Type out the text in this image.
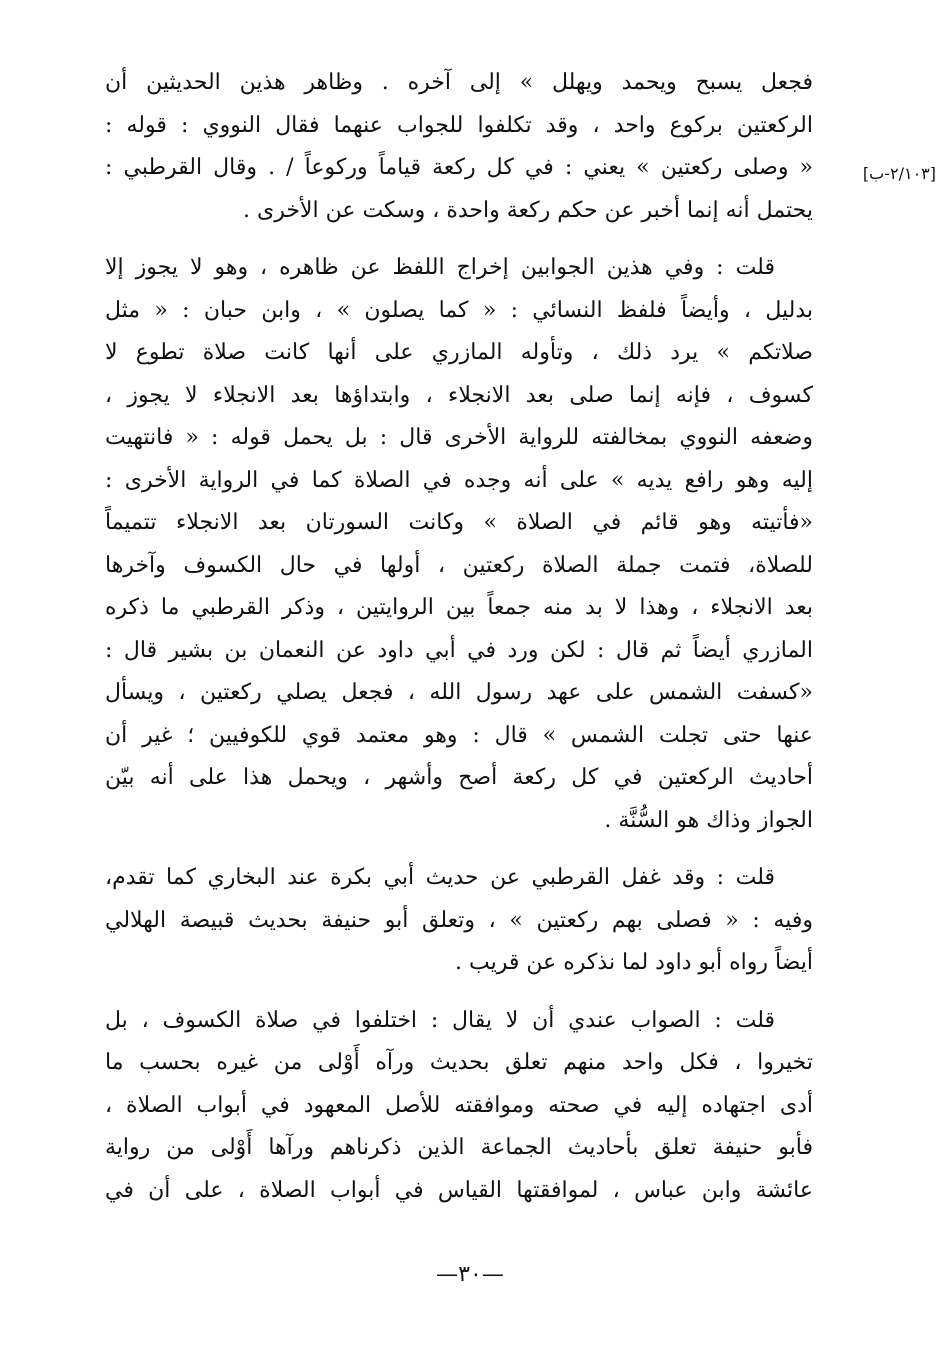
[٢/١٠٣-ب]
فجعل يسبح ويحمد ويهلل » إلى آخره . وظاهر هذين الحديثين أن
الركعتين بركوع واحد ، وقد تكلفوا للجواب عنهما فقال النووي : قوله :
« وصلى ركعتين » يعني : في كل ركعة قياماً وركوعاً / . وقال القرطبي :
يحتمل أنه إنما أخبر عن حكم ركعة واحدة ، وسكت عن الأخرى .
قلت : وفي هذين الجوابين إخراج اللفظ عن ظاهره ، وهو لا يجوز إلا
بدليل ، وأيضاً فلفظ النسائي : « كما يصلون » ، وابن حبان : « مثل
صلاتكم » يرد ذلك ، وتأوله المازري على أنها كانت صلاة تطوع لا
كسوف ، فإنه إنما صلى بعد الانجلاء ، وابتداؤها بعد الانجلاء لا يجوز ،
وضعفه النووي بمخالفته للرواية الأخرى قال : بل يحمل قوله : « فانتهيت
إليه وهو رافع يديه » على أنه وجده في الصلاة كما في الرواية الأخرى :
«فأتيته وهو قائم في الصلاة » وكانت السورتان بعد الانجلاء تتميماً
للصلاة، فتمت جملة الصلاة ركعتين ، أولها في حال الكسوف وآخرها
بعد الانجلاء ، وهذا لا بد منه جمعاً بين الروايتين ، وذكر القرطبي ما ذكره
المازري أيضاً ثم قال : لكن ورد في أبي داود عن النعمان بن بشير قال :
«كسفت الشمس على عهد رسول الله ، فجعل يصلي ركعتين ، ويسأل
عنها حتى تجلت الشمس » قال : وهو معتمد قوي للكوفيين ؛ غير أن
أحاديث الركعتين في كل ركعة أصح وأشهر ، ويحمل هذا على أنه بيّن
الجواز وذاك هو السُّنَّة .
قلت : وقد غفل القرطبي عن حديث أبي بكرة عند البخاري كما تقدم،
وفيه : « فصلى بهم ركعتين » ، وتعلق أبو حنيفة بحديث قبيصة الهلالي
أيضاً رواه أبو داود لما نذكره عن قريب .
قلت : الصواب عندي أن لا يقال : اختلفوا في صلاة الكسوف ، بل
تخيروا ، فكل واحد منهم تعلق بحديث ورآه أَوْلى من غيره بحسب ما
أدى اجتهاده إليه في صحته وموافقته للأصل المعهود في أبواب الصلاة ،
فأبو حنيفة تعلق بأحاديث الجماعة الذين ذكرناهم ورآها أَوْلى من رواية
عائشة وابن عباس ، لموافقتها القياس في أبواب الصلاة ، على أن في
—٣٠—
